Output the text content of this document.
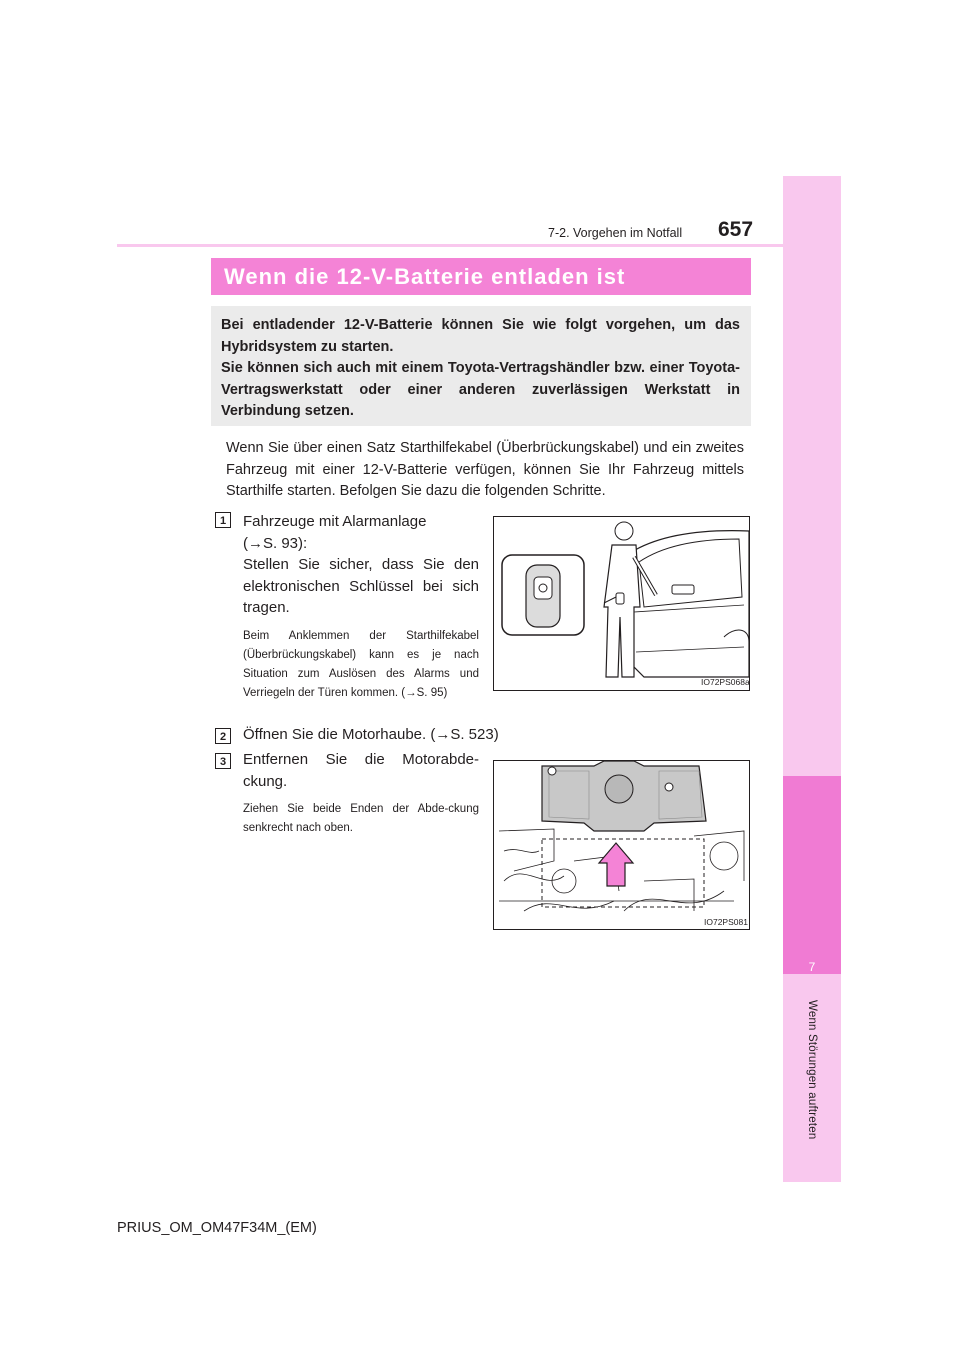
7
Wenn Störungen auftreten
7-2. Vorgehen im Notfall 657
Wenn die 12-V-Batterie entladen ist

Bei entladender 12-V-Batterie können Sie wie folgt vorgehen, um das Hybridsystem zu starten.

Sie können sich auch mit einem Toyota-Vertragshändler bzw. einer Toyota-Vertragswerkstatt oder einer anderen zuverlässigen Werkstatt in Verbindung setzen.

Wenn Sie über einen Satz Starthilfekabel (Überbrückungskabel) und ein zweites Fahrzeug mit einer 12-V-Batterie verfügen, können Sie Ihr Fahrzeug mittels Starthilfe starten. Befolgen Sie dazu die folgenden Schritte.

1	Fahrzeuge mit Alarmanlage
(→S. 93):
Stellen Sie sicher, dass Sie den elektronischen Schlüssel bei sich tragen.
Beim Anklemmen der Starthilfekabel (Überbrückungskabel) kann es je nach Situation zum Auslösen des Alarms und Verriegeln der Türen kommen. (→S. 95)
IO72PS068a
2	Öffnen Sie die Motorhaube. (→S. 523)
3	Entfernen Sie die Motorabde-ckung.
Ziehen Sie beide Enden der Abde-ckung senkrecht nach oben.
IO72PS081
PRIUS_OM_OM47F34M_(EM)
